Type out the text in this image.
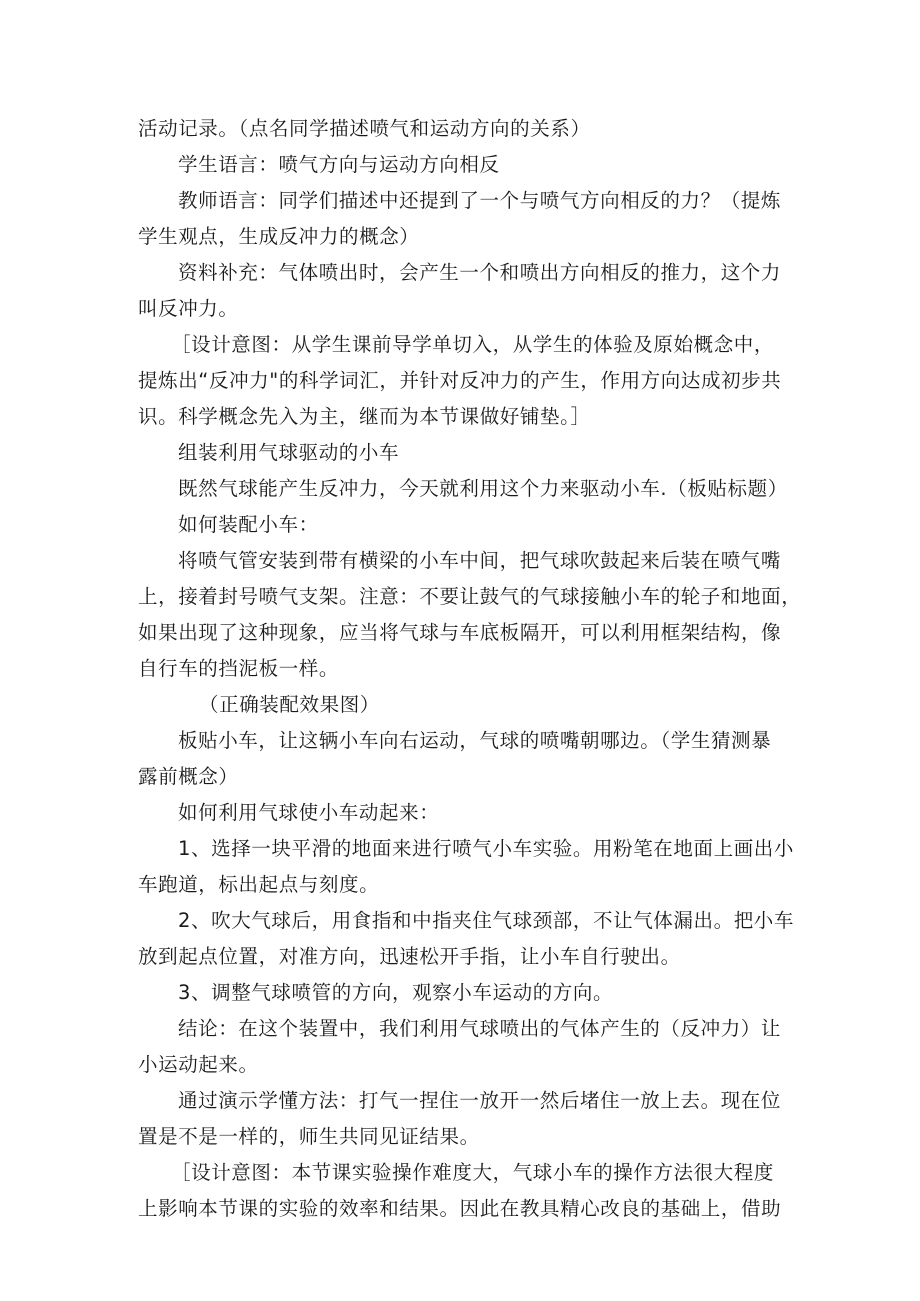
活动记录。（点名同学描述喷气和运动方向的关系）
学生语言：喷气方向与运动方向相反
教师语言：同学们描述中还提到了一个与喷气方向相反的力？（提炼
学生观点，生成反冲力的概念）
资料补充：气体喷出时，会产生一个和喷出方向相反的推力，这个力
叫反冲力。
［设计意图：从学生课前导学单切入，从学生的体验及原始概念中，
提炼出“反冲力"的科学词汇，并针对反冲力的产生，作用方向达成初步共
识。科学概念先入为主，继而为本节课做好铺垫。］
组装利用气球驱动的小车
既然气球能产生反冲力，今天就利用这个力来驱动小车.（板贴标题）
如何装配小车：
将喷气管安装到带有横梁的小车中间，把气球吹鼓起来后装在喷气嘴
上，接着封号喷气支架。注意：不要让鼓气的气球接触小车的轮子和地面，
如果出现了这种现象，应当将气球与车底板隔开，可以利用框架结构，像
自行车的挡泥板一样。
（正确装配效果图）
板贴小车，让这辆小车向右运动，气球的喷嘴朝哪边。（学生猜测暴
露前概念）
如何利用气球使小车动起来：
1、选择一块平滑的地面来进行喷气小车实验。用粉笔在地面上画出小
车跑道，标出起点与刻度。
2、吹大气球后，用食指和中指夹住气球颈部，不让气体漏出。把小车
放到起点位置，对准方向，迅速松开手指，让小车自行驶出。
3、调整气球喷管的方向，观察小车运动的方向。
结论：在这个装置中，我们利用气球喷出的气体产生的（反冲力）让
小运动起来。
通过演示学懂方法：打气一捏住一放开一然后堵住一放上去。现在位
置是不是一样的，师生共同见证结果。
［设计意图：本节课实验操作难度大，气球小车的操作方法很大程度
上影响本节课的实验的效率和结果。因此在教具精心改良的基础上，借助
